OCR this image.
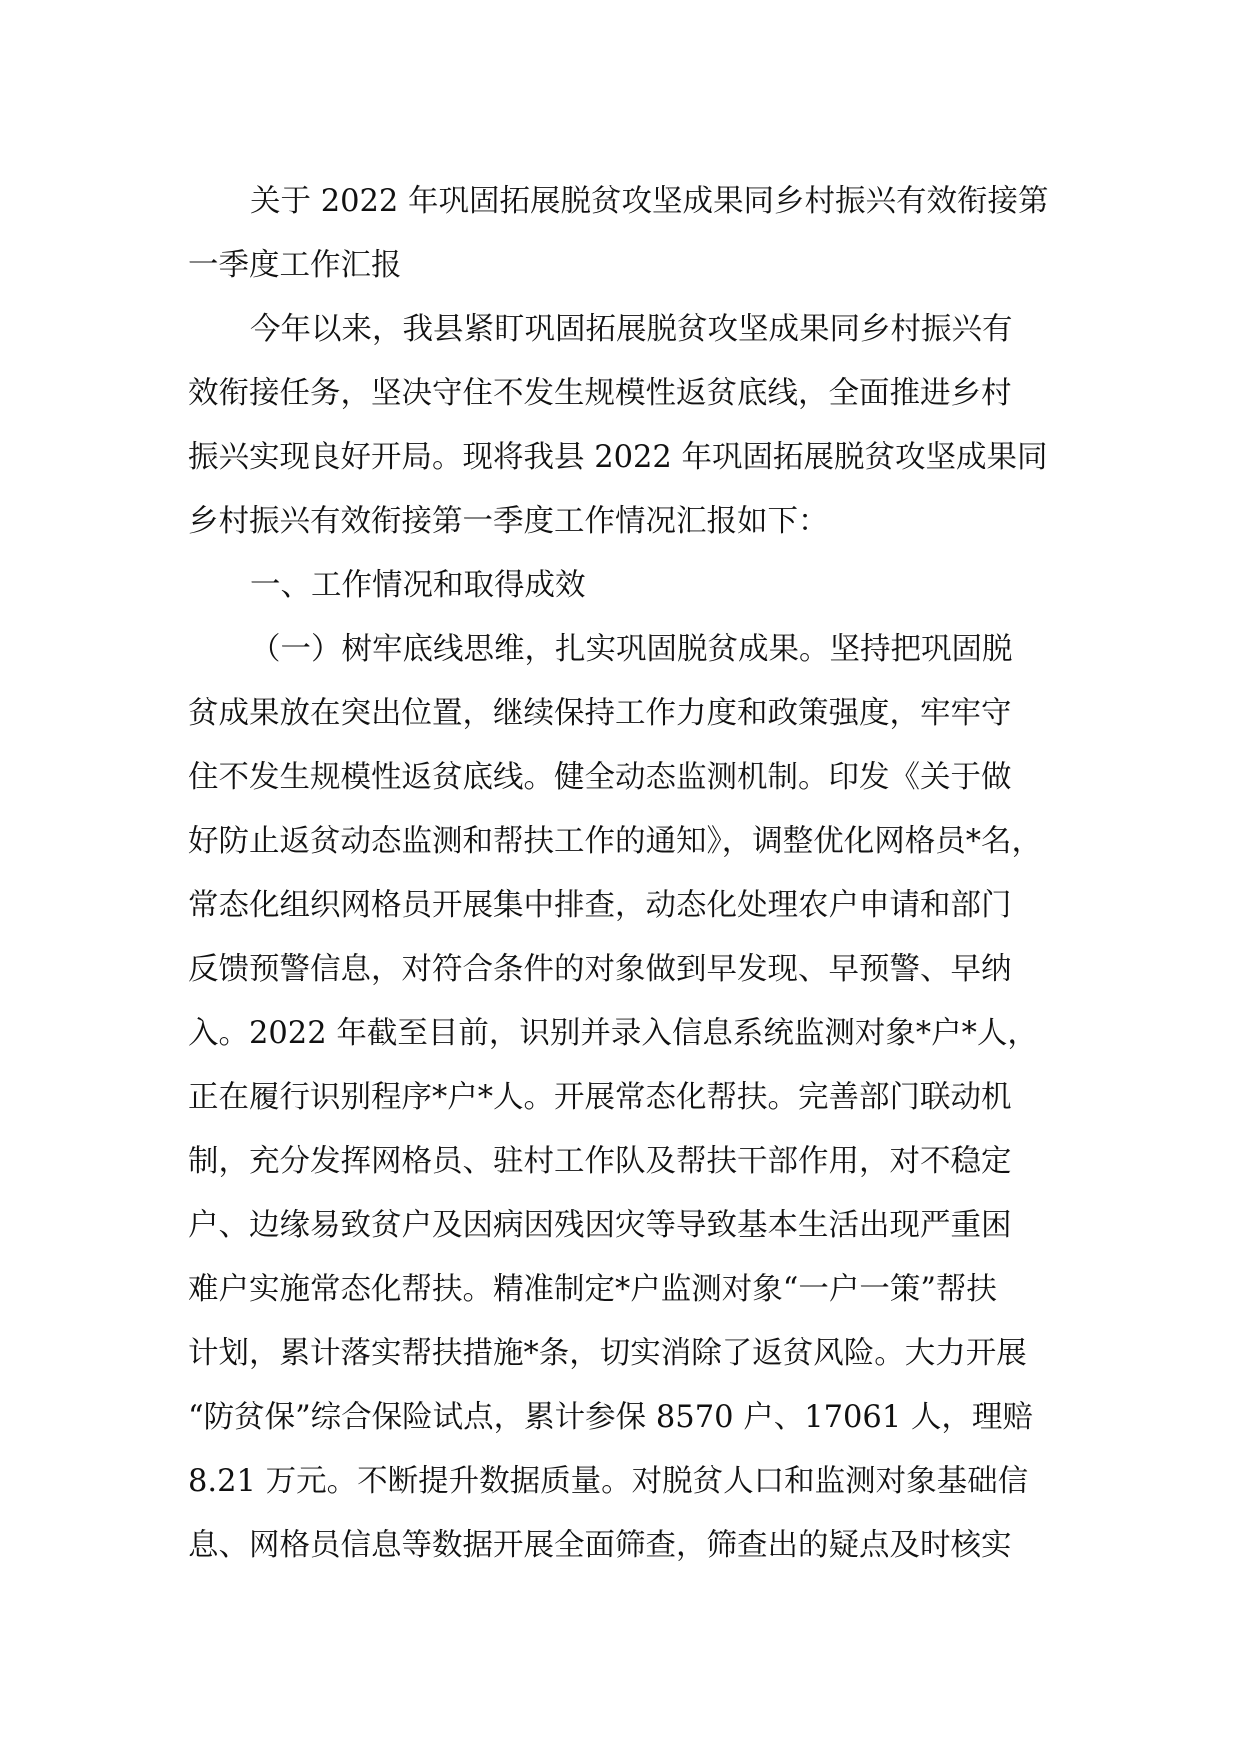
关于 2022 年巩固拓展脱贫攻坚成果同乡村振兴有效衔接第
一季度工作汇报
今年以来，我县紧盯巩固拓展脱贫攻坚成果同乡村振兴有
效衔接任务，坚决守住不发生规模性返贫底线，全面推进乡村
振兴实现良好开局。现将我县 2022 年巩固拓展脱贫攻坚成果同
乡村振兴有效衔接第一季度工作情况汇报如下：
一、工作情况和取得成效
（一）树牢底线思维，扎实巩固脱贫成果。坚持把巩固脱
贫成果放在突出位置，继续保持工作力度和政策强度，牢牢守
住不发生规模性返贫底线。健全动态监测机制。印发《关于做
好防止返贫动态监测和帮扶工作的通知》，调整优化网格员*名，
常态化组织网格员开展集中排查，动态化处理农户申请和部门
反馈预警信息，对符合条件的对象做到早发现、早预警、早纳
入。2022 年截至目前，识别并录入信息系统监测对象*户*人，
正在履行识别程序*户*人。开展常态化帮扶。完善部门联动机
制，充分发挥网格员、驻村工作队及帮扶干部作用，对不稳定
户、边缘易致贫户及因病因残因灾等导致基本生活出现严重困
难户实施常态化帮扶。精准制定*户监测对象“一户一策”帮扶
计划，累计落实帮扶措施*条，切实消除了返贫风险。大力开展
“防贫保”综合保险试点，累计参保 8570 户、17061 人，理赔
8.21 万元。不断提升数据质量。对脱贫人口和监测对象基础信
息、网格员信息等数据开展全面筛查，筛查出的疑点及时核实
